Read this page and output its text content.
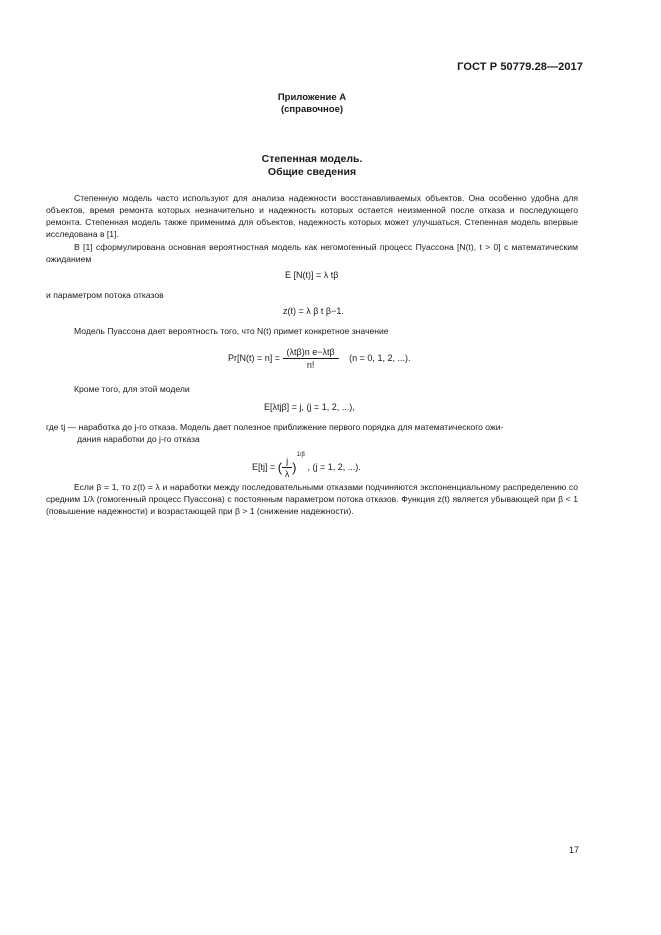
ГОСТ Р 50779.28—2017
Приложение А
(справочное)
Степенная модель.
Общие сведения

Степенную модель часто используют для анализа надежности восстанавливаемых объектов. Она особенно удобна для объектов, время ремонта которых незначительно и надежность которых остается неизменной после отказа и последующего ремонта. Степенная модель также применима для объектов, надежность которых может улучшаться. Степенная модель впервые исследована в [1].

В [1] сформулирована основная вероятностная модель как негомогенный процесс Пуассона [N(t), t > 0] с математическим ожиданием

E [N(t)] = λ tβ

и параметром потока отказов

z(t) = λ β t β−1.

Модель Пуассона дает вероятность того, что N(t) примет конкретное значение

$Pr[N(t) = n] = \frac{\text{(λtβ)n e−λtβ}}{n!} (n = 0$, 1, 2, ...).

Кроме того, для этой модели

E[λtjβ] = j, (j = 1, 2, ...),

где tj — наработка до j-го отказа. Модель дает полезное приближение первого порядка для математического ожи-

дания наработки до j-го отказа

E[tj] = ( $\frac{j}{\lambda} )^{1/\beta}$ , (j = 1, 2, ...).

Если β = 1, то z(t) = λ и наработки между последовательными отказами подчиняются экспоненциальному распределению со средним 1/λ (гомогенный процесс Пуассона) с постоянным параметром потока отказов. Функция z(t) является убывающей при β < 1 (повышение надежности) и возрастающей при β > 1 (снижение надежности).

17
